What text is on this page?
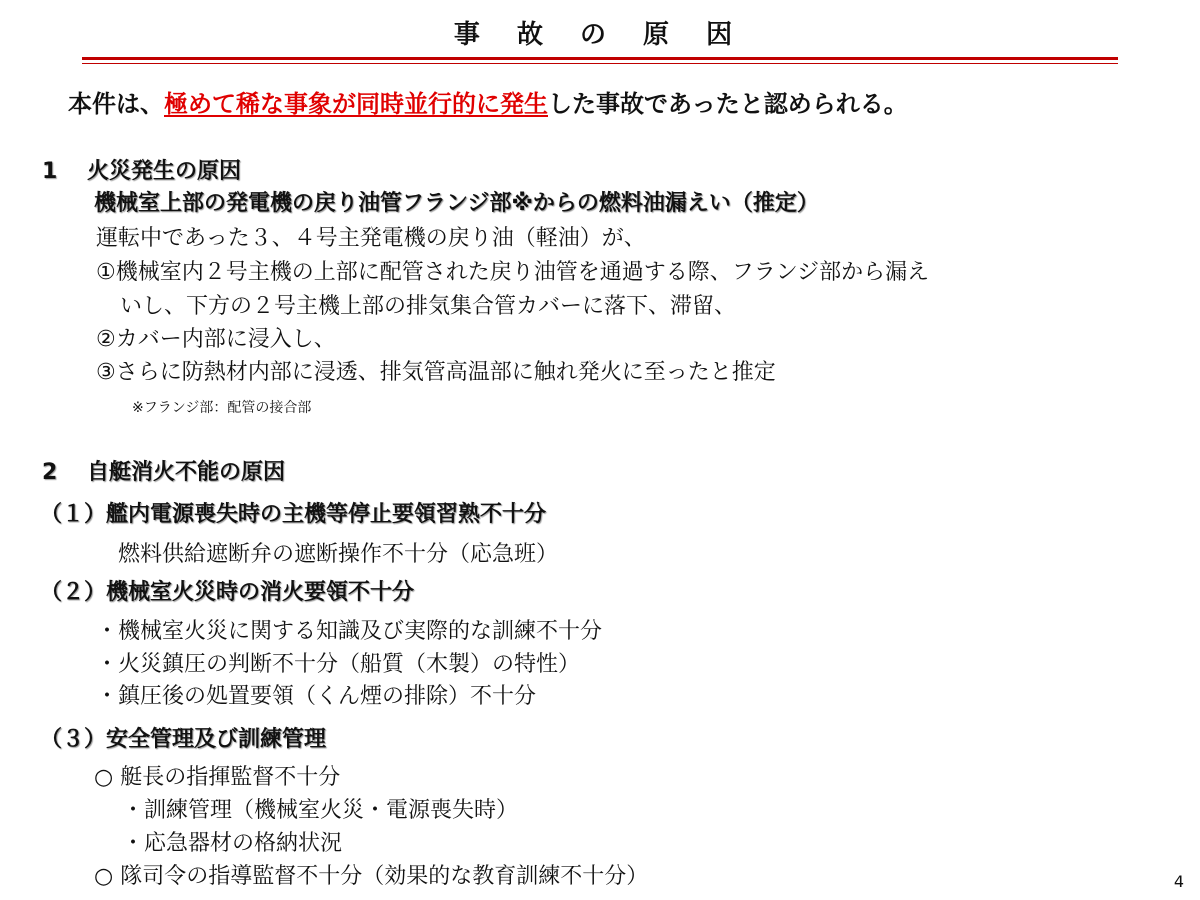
事 故 の 原 因
本件は、極めて稀な事象が同時並行的に発生した事故であったと認められる。
1　 火災発生の原因
機械室上部の発電機の戻り油管フランジ部※からの燃料油漏えい（推定）
運転中であった３、４号主発電機の戻り油（軽油）が、
①機械室内２号主機の上部に配管された戻り油管を通過する際、フランジ部から漏え
いし、下方の２号主機上部の排気集合管カバーに落下、滞留、
②カバー内部に浸入し、
③さらに防熱材内部に浸透、排気管高温部に触れ発火に至ったと推定
※フランジ部：配管の接合部
2　 自艇消火不能の原因
（１）艦内電源喪失時の主機等停止要領習熟不十分
燃料供給遮断弁の遮断操作不十分（応急班）
（２）機械室火災時の消火要領不十分
・機械室火災に関する知識及び実際的な訓練不十分
・火災鎮圧の判断不十分（船質（木製）の特性）
・鎮圧後の処置要領（くん煙の排除）不十分
（３）安全管理及び訓練管理
○ 艇長の指揮監督不十分
・訓練管理（機械室火災・電源喪失時）
・応急器材の格納状況
○ 隊司令の指導監督不十分（効果的な教育訓練不十分）	4
